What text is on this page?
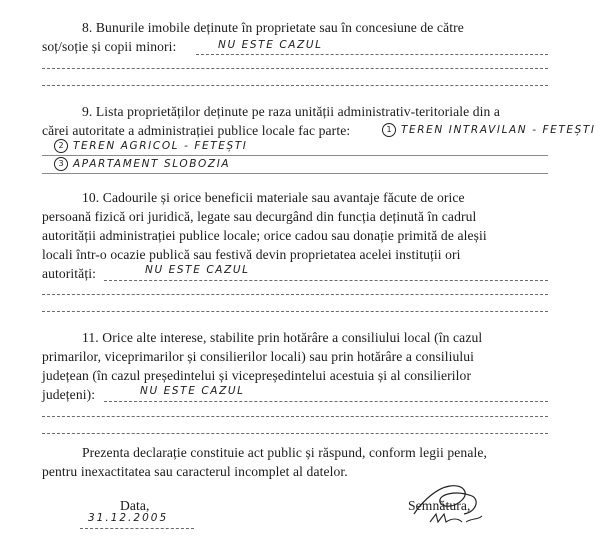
8. Bunurile imobile deținute în proprietate sau în concesiune de către
soț/soție și copii minori:	NU ESTE CAZUL
9. Lista proprietăților deținute pe raza unității administrativ-teritoriale din a
cărei autoritate a administrației publice locale fac parte:	1 TEREN INTRAVILAN - FETEȘTI
2 TEREN AGRICOL - FETEȘTI
3 APARTAMENT SLOBOZIA
10. Cadourile și orice beneficii materiale sau avantaje făcute de orice
persoană fizică ori juridică, legate sau decurgând din funcția deținută în cadrul
autorității administrației publice locale; orice cadou sau donație primită de aleșii
locali într-o ocazie publică sau festivă devin proprietatea acelei instituții ori
autorități:	NU ESTE CAZUL
11. Orice alte interese, stabilite prin hotărâre a consiliului local (în cazul
primarilor, viceprimarilor și consilierilor locali) sau prin hotărâre a consiliului
județean (în cazul președintelui și vicepreședintelui acestuia și al consilierilor
județeni):	NU ESTE CAZUL
Prezenta declarație constituie act public și răspund, conform legii penale,
pentru inexactitatea sau caracterul incomplet al datelor.
Data,
31.12.2005
Semnătura,
